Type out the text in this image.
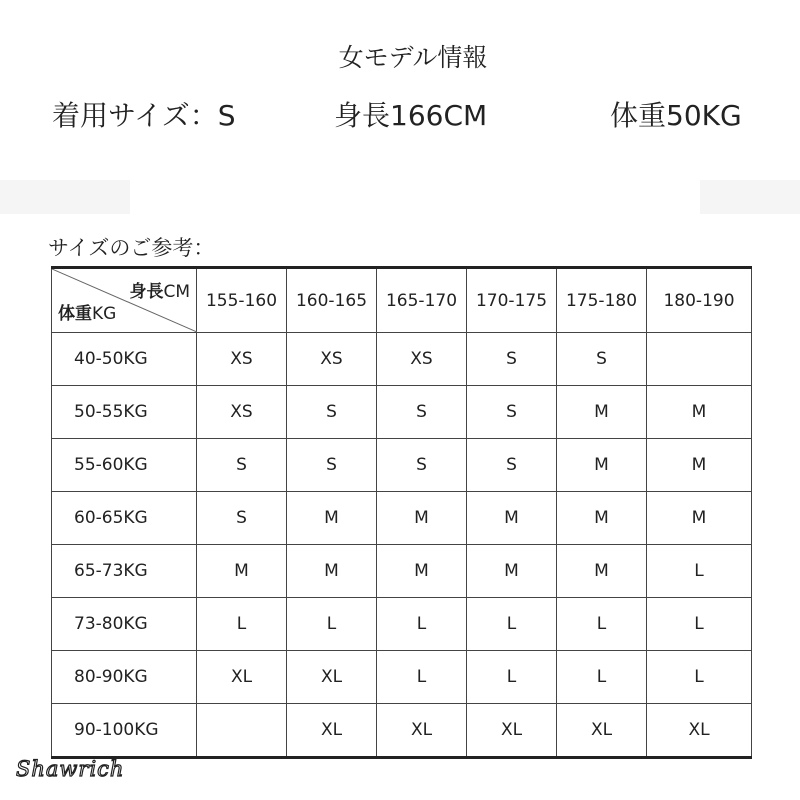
女モデル情報
着用サイズ：S	身長166CM	体重50KG
サイズのご参考：
身長CM
体重KG	155-160	160-165	165-170	170-175	175-180	180-190
40-50KG	XS	XS	XS	S	S	
50-55KG	XS	S	S	S	M	M
55-60KG	S	S	S	S	M	M
60-65KG	S	M	M	M	M	M
65-73KG	M	M	M	M	M	L
73-80KG	L	L	L	L	L	L
80-90KG	XL	XL	L	L	L	L
90-100KG		XL	XL	XL	XL	XL
Shawrich
